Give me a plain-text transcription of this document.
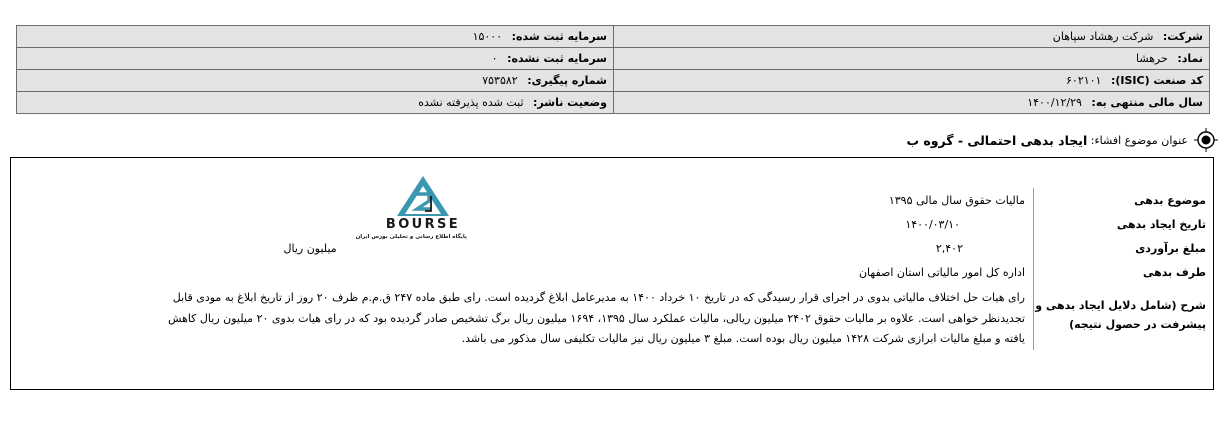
شرکت: شرکت رهشاد سپاهان	سرمایه ثبت شده: ۱۵۰۰۰
نماد: حرهشا	سرمایه ثبت نشده: ۰
کد صنعت (ISIC): ۶۰۲۱۰۱	شماره پیگیری: ۷۵۳۵۸۲
سال مالی منتهی به: ۱۴۰۰/۱۲/۲۹	وضعیت ناشر: ثبت شده پذیرفته نشده
عنوان موضوع افشاء:

ایجاد بدهی احتمالی - گروه ب
BOURSE
پایگاه اطلاع رسانی و تحلیلی بورس ایران
موضوع بدهی	مالیات حقوق سال مالی ۱۳۹۵	
تاریخ ایجاد بدهی	۱۴۰۰/۰۳/۱۰	
مبلغ برآوردی	۲,۴۰۲	میلیون ریال
طرف بدهی	اداره کل امور مالیاتی استان اصفهان	
شرح (شامل دلایل ایجاد بدهی و پیشرفت در حصول نتیجه)	رای هیات حل اختلاف مالیاتی بدوی در اجرای قرار رسیدگی که در تاریخ ۱۰ خرداد ۱۴۰۰ به مدیرعامل ابلاغ گردیده است. رای طبق ماده ۲۴۷ ق.م.م ظرف ۲۰ روز از تاریخ ابلاغ به مودی قابل تجدیدنظر خواهی است. علاوه بر مالیات حقوق ۲۴۰۲ میلیون ریالی، مالیات عملکرد سال ۱۳۹۵، ۱۶۹۴ میلیون ریال برگ تشخیص صادر گردیده بود که در رای هیات بدوی ۲۰ میلیون ریال کاهش یافته و مبلغ مالیات ابرازی شرکت ۱۴۲۸ میلیون ریال بوده است. مبلغ ۳ میلیون ریال نیز مالیات تکلیفی سال مذکور می باشد.	
